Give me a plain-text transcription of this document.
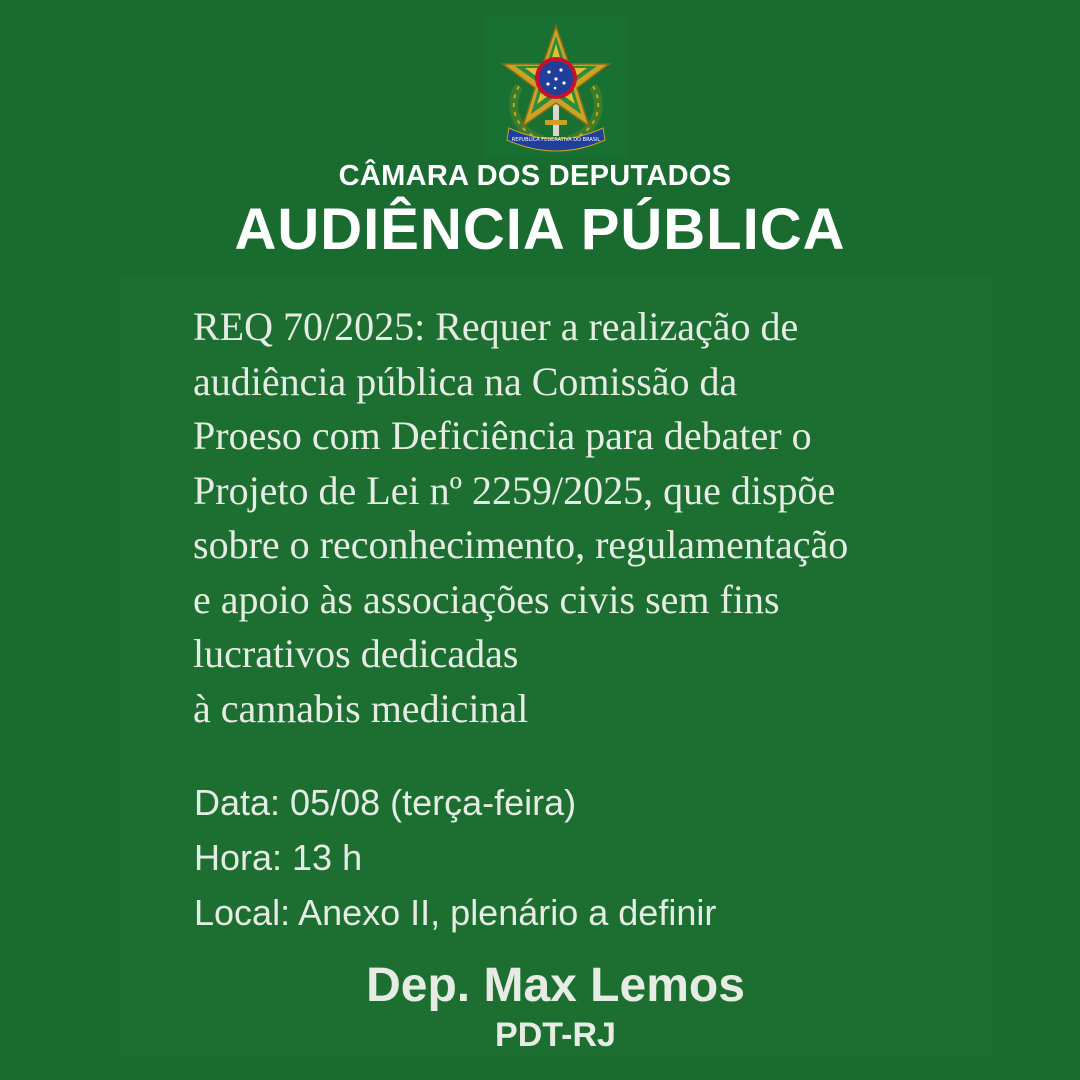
REPUBLICA FEDERATIVA DO BRASIL
CÂMARA DOS DEPUTADOS
AUDIÊNCIA PÚBLICA

REQ 70/2025: Requer a realização de
audiência pública na Comissão da
Proeso com Deficiência para debater o
Projeto de Lei nº 2259/2025, que dispõe
sobre o reconhecimento, regulamentação
e apoio às associações civis sem fins
lucrativos dedicadas
à cannabis medicinal

Data: 05/08 (terça-feira)
Hora: 13 h
Local: Anexo II, plenário a definir
Dep. Max Lemos
PDT-RJ
